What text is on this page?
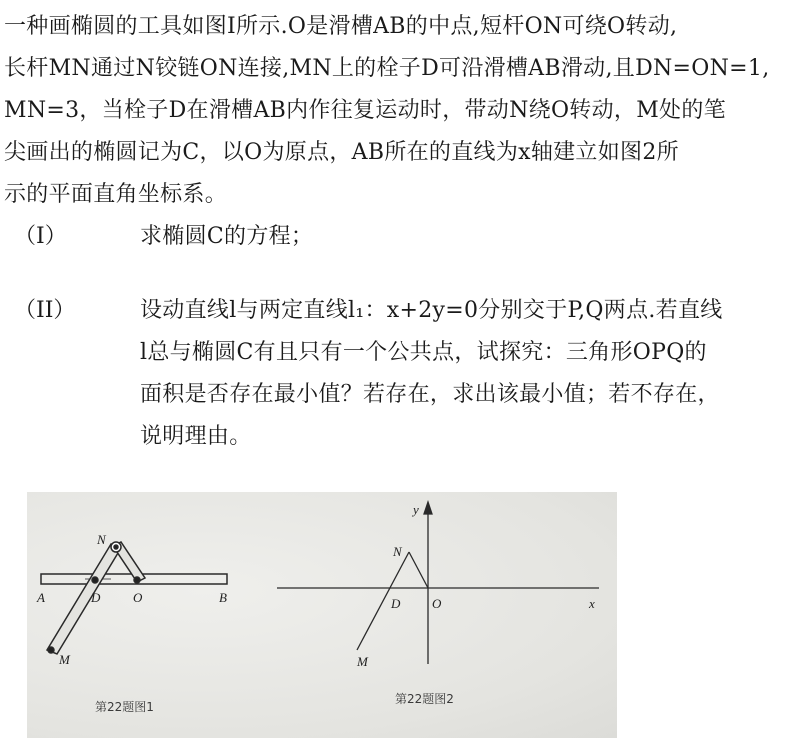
一种画椭圆的工具如图Ⅰ所示.O是滑槽AB的中点,短杆ON可绕O转动,
长杆MN通过N铰链ON连接,MN上的栓子D可沿滑槽AB滑动,且DN=ON=1,
MN=3，当栓子D在滑槽AB内作往复运动时，带动N绕O转动，M处的笔
尖画出的椭圆记为C，以O为原点，AB所在的直线为x轴建立如图2所
示的平面直角坐标系。
（I）	求椭圆C的方程；
（II）	设动直线l与两定直线l₁：x+2y=0分别交于P,Q两点.若直线
l总与椭圆C有且只有一个公共点，试探究：三角形OPQ的
面积是否存在最小值？若存在，求出该最小值；若不存在，
说明理由。
N
A	D	O	B
M
y
N
D O	x
M
第22题图1
第22题图2
